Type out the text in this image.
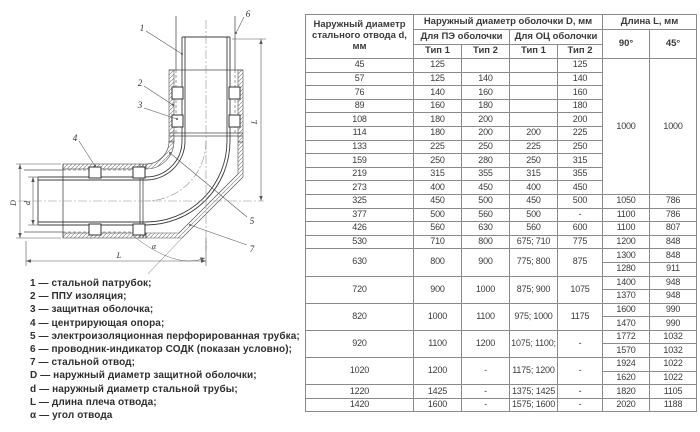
1
2
3
4
5
6
7
D d
L
L
α
1 — стальной патрубок;
2 — ППУ изоляция;
3 — защитная оболочка;
4 — центрирующая опора;
5 — электроизоляционная перфорированная трубка;
6 — проводник-индикатор СОДК (показан условно);
7 — стальной отвод;
D — наружный диаметр защитной оболочки;
d — наружный диаметр стальной трубы;
L — длина плеча отвода;
α — угол отвода
Наружный диаметр стального отвода d, мм	Наружный диаметр оболочки D, мм				Длина L, мм	
	Для ПЭ оболочки		Для ОЦ оболочки		90°	45°
	Тип 1	Тип 2	Тип 1	Тип 2		
45	125			125	1000	1000
57	125	140		140		
76	140	160		160		
89	160	180		180		
108	180	200		200		
114	180	200	200	225		
133	225	250	225	250		
159	250	280	250	315		
219	315	355	315	355		
273	400	450	400	450		
325	450	500	450	500	1050	786
377	500	560	500	-	1100	786
426	560	630	560	600	1100	807
530	710	800	675; 710	775	1200	848
630	800	900	775; 800	875	1300	848
					1280	911
720	900	1000	875; 900	1075	1400	948
					1370	948
820	1000	1100	975; 1000	1175	1600	990
					1470	990
920	1100	1200	1075; 1100;	-	1772	1032
					1570	1032
1020	1200	-	1175; 1200	-	1924	1022
					1620	1022
1220	1425	-	1375; 1425	-	1820	1105
1420	1600	-	1575; 1600	-	2020	1188
